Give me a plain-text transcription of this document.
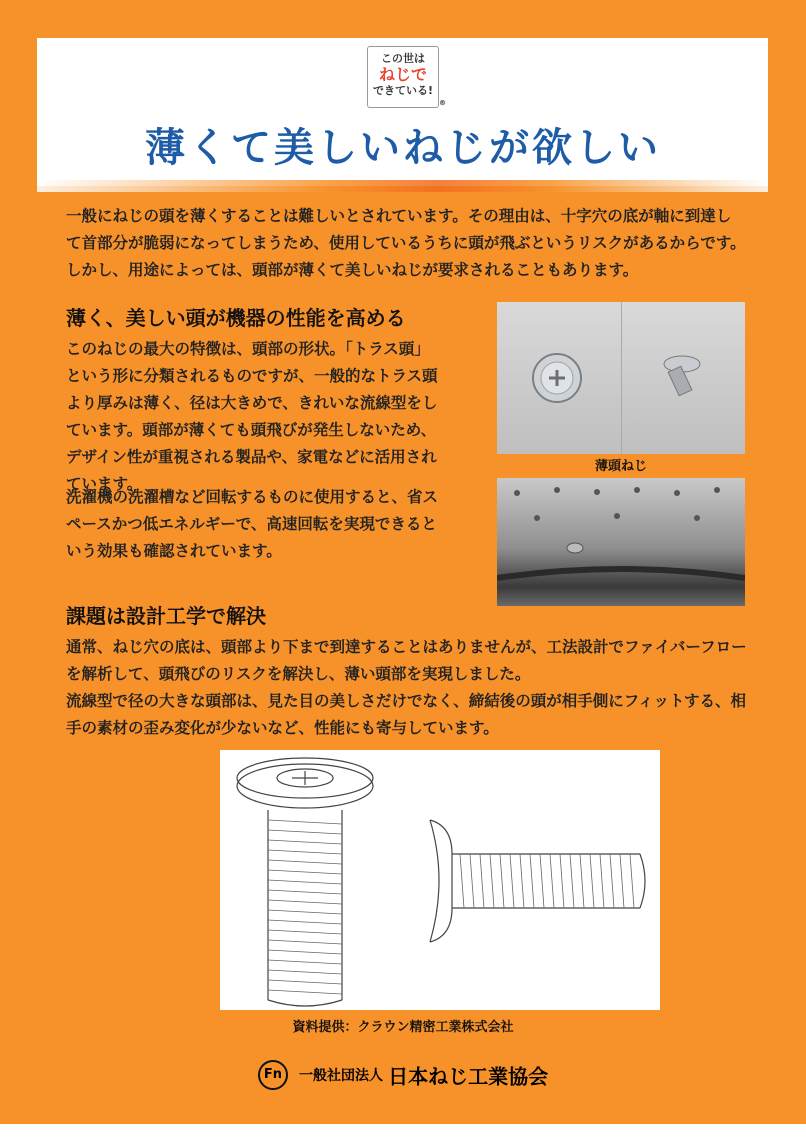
この世は
ねじで
できている!
®
薄くて美しいねじが欲しい
一般にねじの頭を薄くすることは難しいとされています。その理由は、十字穴の底が軸に到達して首部分が脆弱になってしまうため、使用しているうちに頭が飛ぶというリスクがあるからです。しかし、用途によっては、頭部が薄くて美しいねじが要求されることもあります。
薄く、美しい頭が機器の性能を高める
このねじの最大の特徴は、頭部の形状。「トラス頭」という形に分類されるものですが、一般的なトラス頭より厚みは薄く、径は大きめで、きれいな流線型をしています。頭部が薄くても頭飛びが発生しないため、デザイン性が重視される製品や、家電などに活用されています。
洗濯機の洗濯槽など回転するものに使用すると、省スペースかつ低エネルギーで、高速回転を実現できるという効果も確認されています。
薄頭ねじ
課題は設計工学で解決
通常、ねじ穴の底は、頭部より下まで到達することはありませんが、工法設計でファイバーフローを解析して、頭飛びのリスクを解決し、薄い頭部を実現しました。
流線型で径の大きな頭部は、見た目の美しさだけでなく、締結後の頭が相手側にフィットする、相手の素材の歪み変化が少ないなど、性能にも寄与しています。
資料提供：クラウン精密工業株式会社
Fn 一般社団法人 日本ねじ工業協会
